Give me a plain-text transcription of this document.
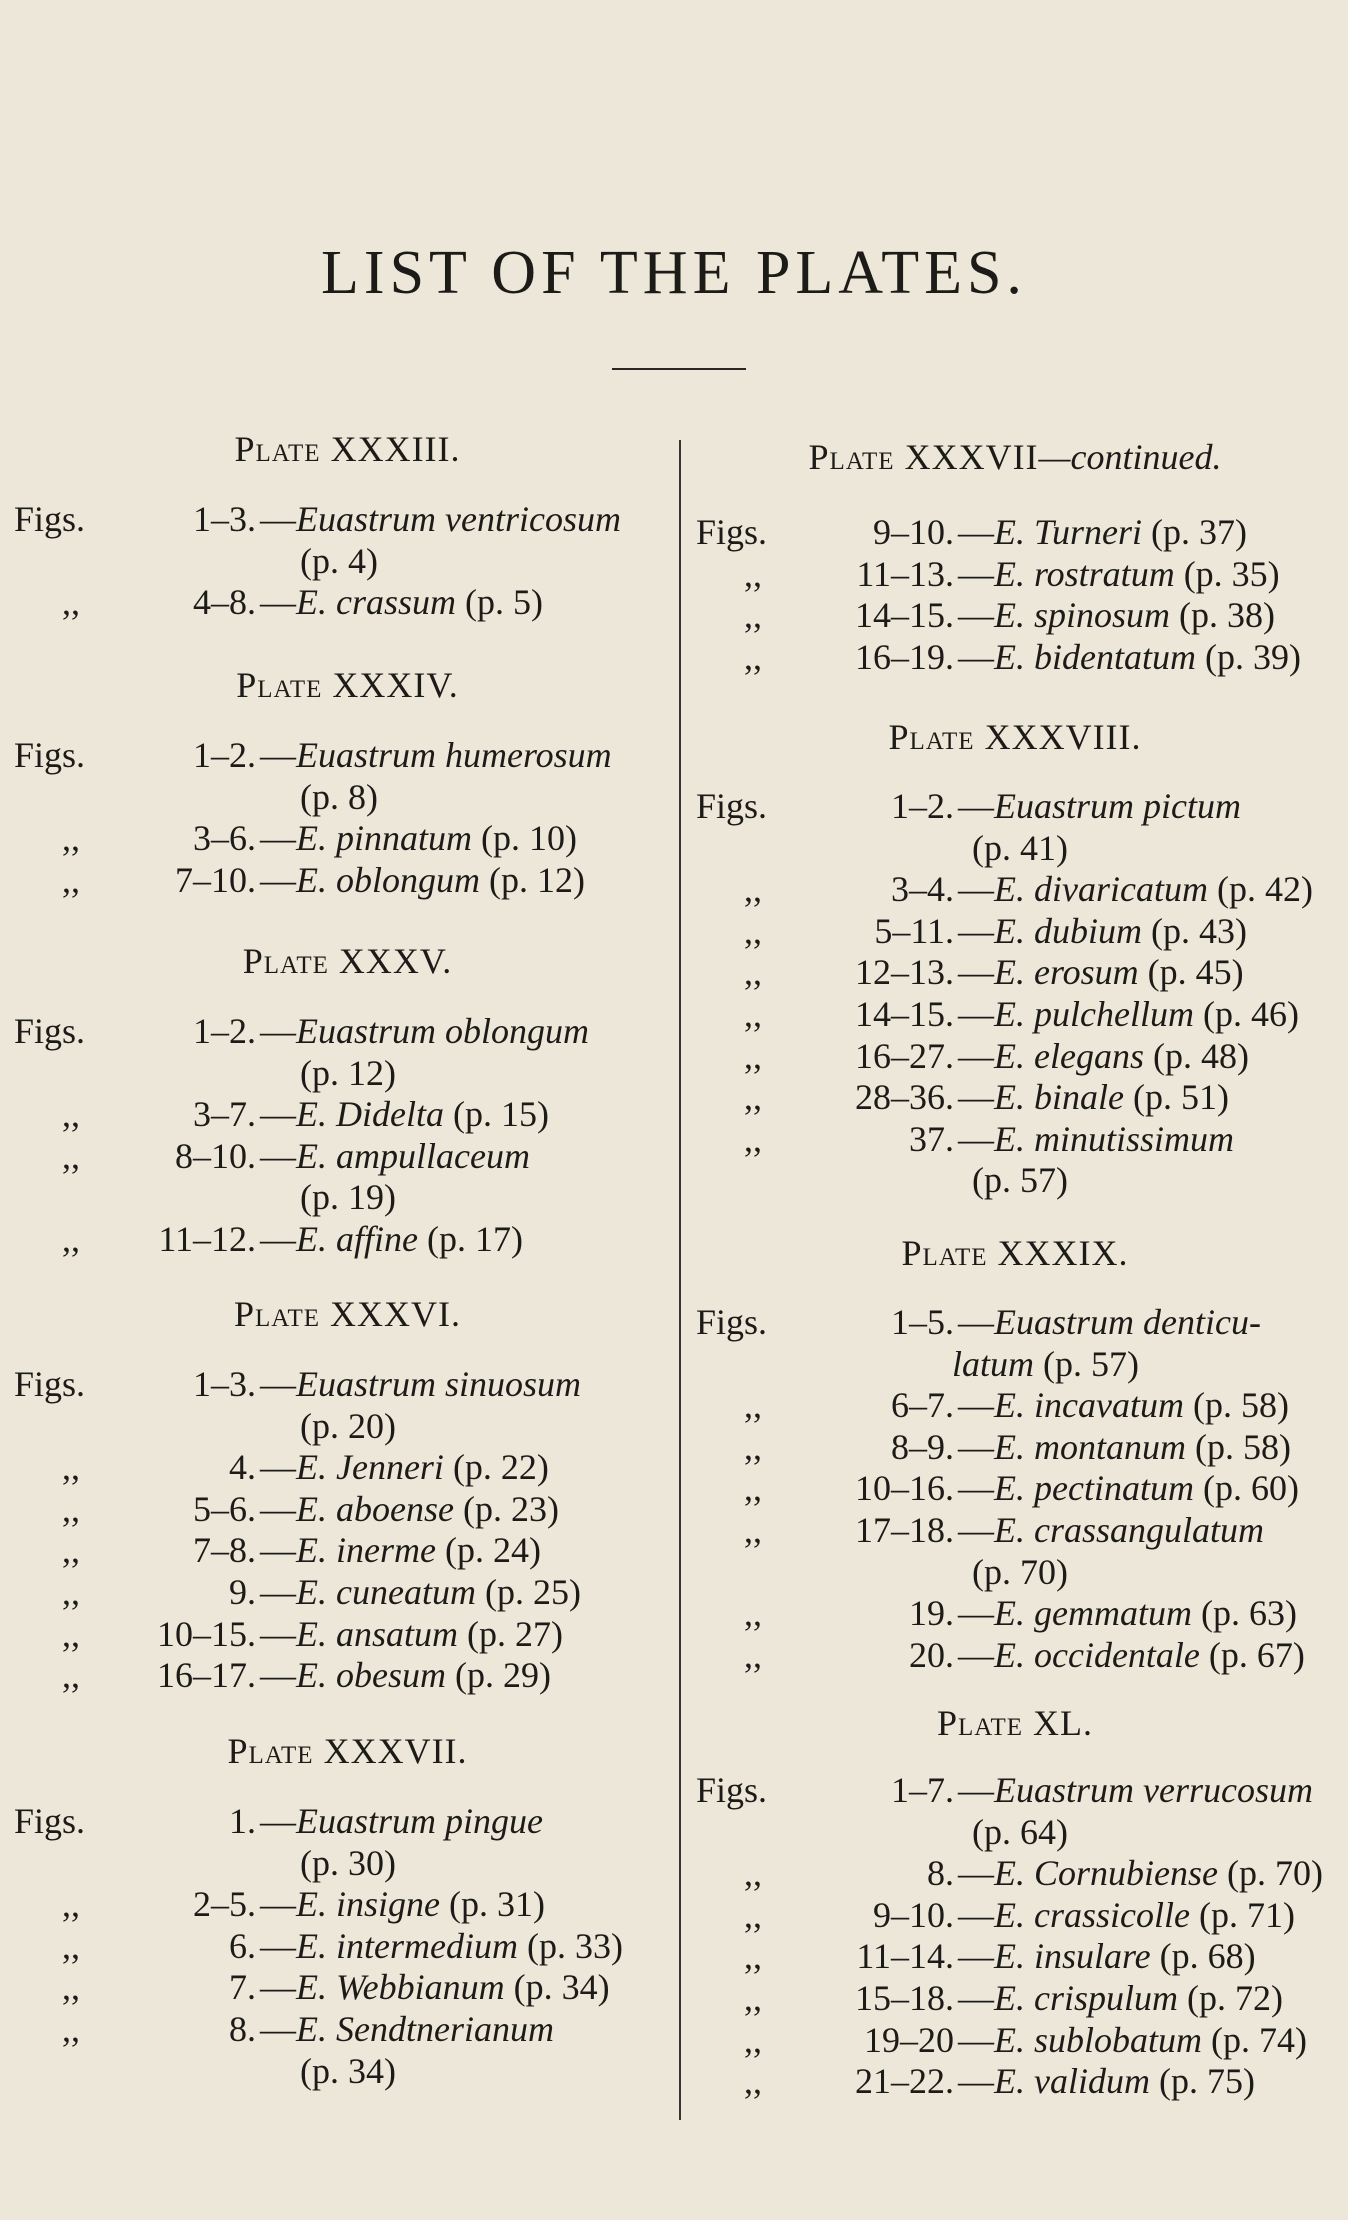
LIST OF THE PLATES.
Plate XXXIII.
Figs.	1–3. —Euastrum ventricosum
(p. 4)
,,	4–8. —E. crassum (p. 5)
Plate XXXIV.
Figs.	1–2. —Euastrum humerosum
(p. 8)
,,	3–6. —E. pinnatum (p. 10)
,,	7–10. —E. oblongum (p. 12)
Plate XXXV.
Figs.	1–2. —Euastrum oblongum
(p. 12)
,,	3–7. —E. Didelta (p. 15)
,,	8–10. —E. ampullaceum
(p. 19)
,, 11–12. —E. affine (p. 17)
Plate XXXVI.
Figs.	1–3. —Euastrum sinuosum
(p. 20)
,,	4. —E. Jenneri (p. 22)
,,	5–6. —E. aboense (p. 23)
,,	7–8. —E. inerme (p. 24)
,,	9. —E. cuneatum (p. 25)
,, 10–15. —E. ansatum (p. 27)
,, 16–17. —E. obesum (p. 29)
Plate XXXVII.
Figs.	1. —Euastrum pingue
(p. 30)
,,	2–5. —E. insigne (p. 31)
,,	6. —E. intermedium (p. 33)
,,	7. —E. Webbianum (p. 34)
,,	8. —E. Sendtnerianum
(p. 34)
Plate XXXVII—continued.
Figs.	9–10. —E. Turneri (p. 37)
,,	11–13. —E. rostratum (p. 35)
,,	14–15. —E. spinosum (p. 38)
,,	16–19. —E. bidentatum (p. 39)
Plate XXXVIII.
Figs.	1–2. —Euastrum pictum
(p. 41)
,,	3–4. —E. divaricatum (p. 42)
,,	5–11. —E. dubium (p. 43)
,,	12–13. —E. erosum (p. 45)
,,	14–15. —E. pulchellum (p. 46)
,,	16–27. —E. elegans (p. 48)
,,	28–36. —E. binale (p. 51)
,,	37. —E. minutissimum
(p. 57)
Plate XXXIX.
Figs.	1–5. —Euastrum denticu-
latum (p. 57)
,,	6–7. —E. incavatum (p. 58)
,,	8–9. —E. montanum (p. 58)
,,	10–16. —E. pectinatum (p. 60)
,,	17–18. —E. crassangulatum
(p. 70)
,,	19. —E. gemmatum (p. 63)
,,	20. —E. occidentale (p. 67)
Plate XL.
Figs.	1–7. —Euastrum verrucosum
(p. 64)
,,	8. —E. Cornubiense (p. 70)
,,	9–10. —E. crassicolle (p. 71)
,,	11–14. —E. insulare (p. 68)
,,	15–18. —E. crispulum (p. 72)
,,	19–20 —E. sublobatum (p. 74)
,,	21–22. —E. validum (p. 75)
